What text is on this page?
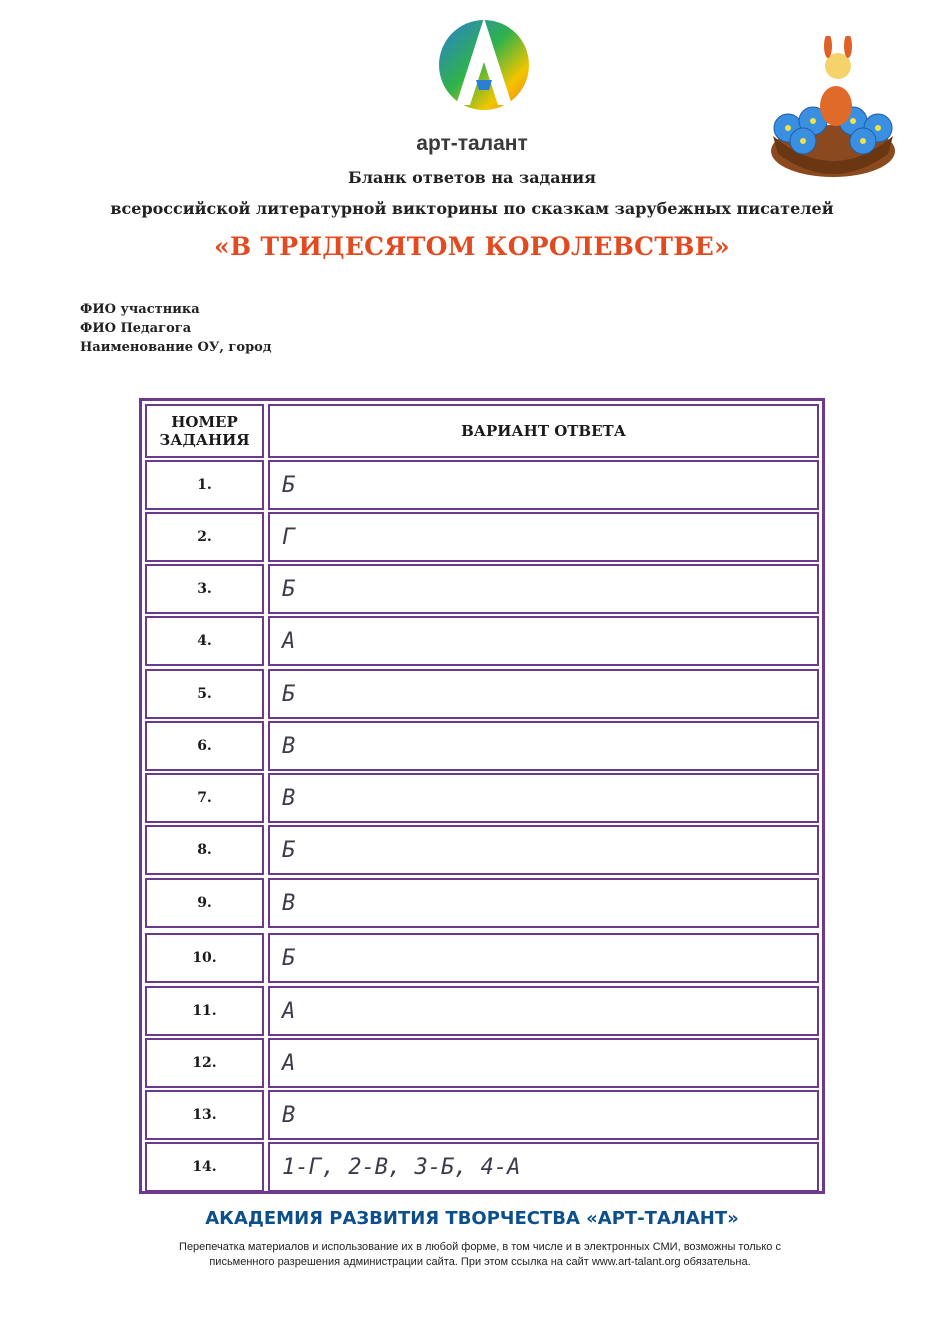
арт-талант
Бланк ответов на задания
всероссийской литературной викторины по сказкам зарубежных писателей
«В ТРИДЕСЯТОМ КОРОЛЕВСТВЕ»
ФИО участника
ФИО Педагога
Наименование ОУ, город
НОМЕР
ЗАДАНИЯ	ВАРИАНТ ОТВЕТА
1.	Б
2.	Г
3.	Б
4.	А
5.	Б
6.	В
7.	В
8.	Б
9.	В
10.	Б
11.	А
12.	А
13.	В
14.	1-Г, 2-В, 3-Б, 4-А
АКАДЕМИЯ РАЗВИТИЯ ТВОРЧЕСТВА «АРТ-ТАЛАНТ»
Перепечатка материалов и использование их в любой форме, в том числе и в электронных СМИ, возможны только с
письменного разрешения администрации сайта. При этом ссылка на сайт www.art-talant.org обязательна.
